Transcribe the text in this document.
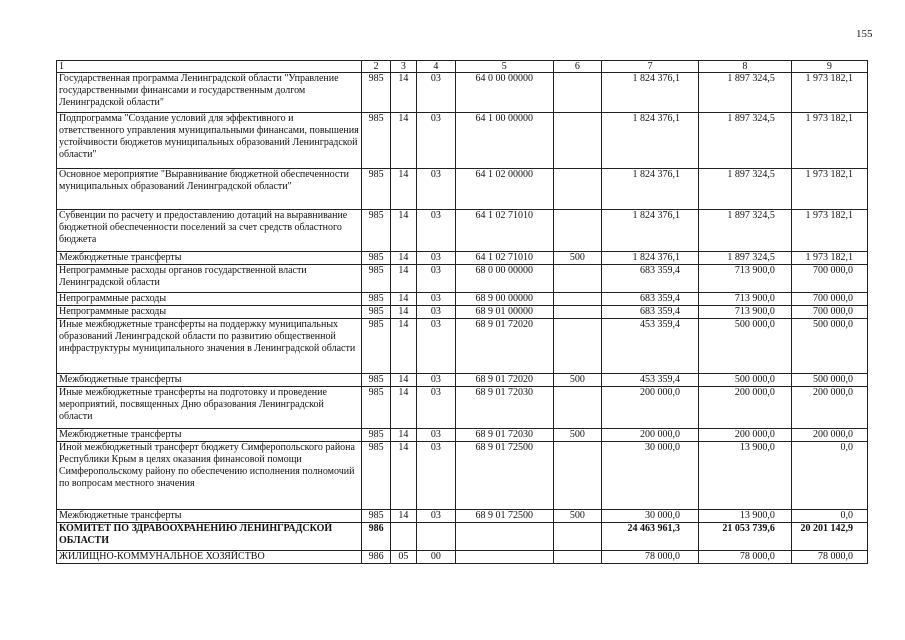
155
1	2	3	4	5	6	7	8	9
Государственная программа Ленинградской области "Управление государственными финансами и государственным долгом Ленинградской области"	985	14	03	64 0 00 00000		1 824 376,1	1 897 324,5	1 973 182,1
Подпрограмма "Создание условий для эффективного и ответственного управления муниципальными финансами, повышения устойчивости бюджетов муниципальных образований Ленинградской области"	985	14	03	64 1 00 00000		1 824 376,1	1 897 324,5	1 973 182,1
Основное мероприятие "Выравнивание бюджетной обеспеченности муниципальных образований Ленинградской области"	985	14	03	64 1 02 00000		1 824 376,1	1 897 324,5	1 973 182,1
Субвенции по расчету и предоставлению дотаций на выравнивание бюджетной обеспеченности поселений за счет средств областного бюджета	985	14	03	64 1 02 71010		1 824 376,1	1 897 324,5	1 973 182,1
Межбюджетные трансферты	985	14	03	64 1 02 71010	500	1 824 376,1	1 897 324,5	1 973 182,1
Непрограммные расходы органов государственной власти Ленинградской области	985	14	03	68 0 00 00000		683 359,4	713 900,0	700 000,0
Непрограммные расходы	985	14	03	68 9 00 00000		683 359,4	713 900,0	700 000,0
Непрограммные расходы	985	14	03	68 9 01 00000		683 359,4	713 900,0	700 000,0
Иные межбюджетные трансферты на поддержку муниципальных образований Ленинградской области по развитию общественной инфраструктуры муниципального значения в Ленинградской области	985	14	03	68 9 01 72020		453 359,4	500 000,0	500 000,0
Межбюджетные трансферты	985	14	03	68 9 01 72020	500	453 359,4	500 000,0	500 000,0
Иные межбюджетные трансферты на подготовку и проведение мероприятий, посвященных Дню образования Ленинградской области	985	14	03	68 9 01 72030		200 000,0	200 000,0	200 000,0
Межбюджетные трансферты	985	14	03	68 9 01 72030	500	200 000,0	200 000,0	200 000,0
Иной межбюджетный трансферт бюджету Симферопольского района Республики Крым в целях оказания финансовой помощи Симферопольскому району по обеспечению исполнения полномочий по вопросам местного значения	985	14	03	68 9 01 72500		30 000,0	13 900,0	0,0
Межбюджетные трансферты	985	14	03	68 9 01 72500	500	30 000,0	13 900,0	0,0
КОМИТЕТ ПО ЗДРАВООХРАНЕНИЮ ЛЕНИНГРАДСКОЙ ОБЛАСТИ	986					24 463 961,3	21 053 739,6	20 201 142,9
ЖИЛИЩНО-КОММУНАЛЬНОЕ ХОЗЯЙСТВО	986	05	00			78 000,0	78 000,0	78 000,0
